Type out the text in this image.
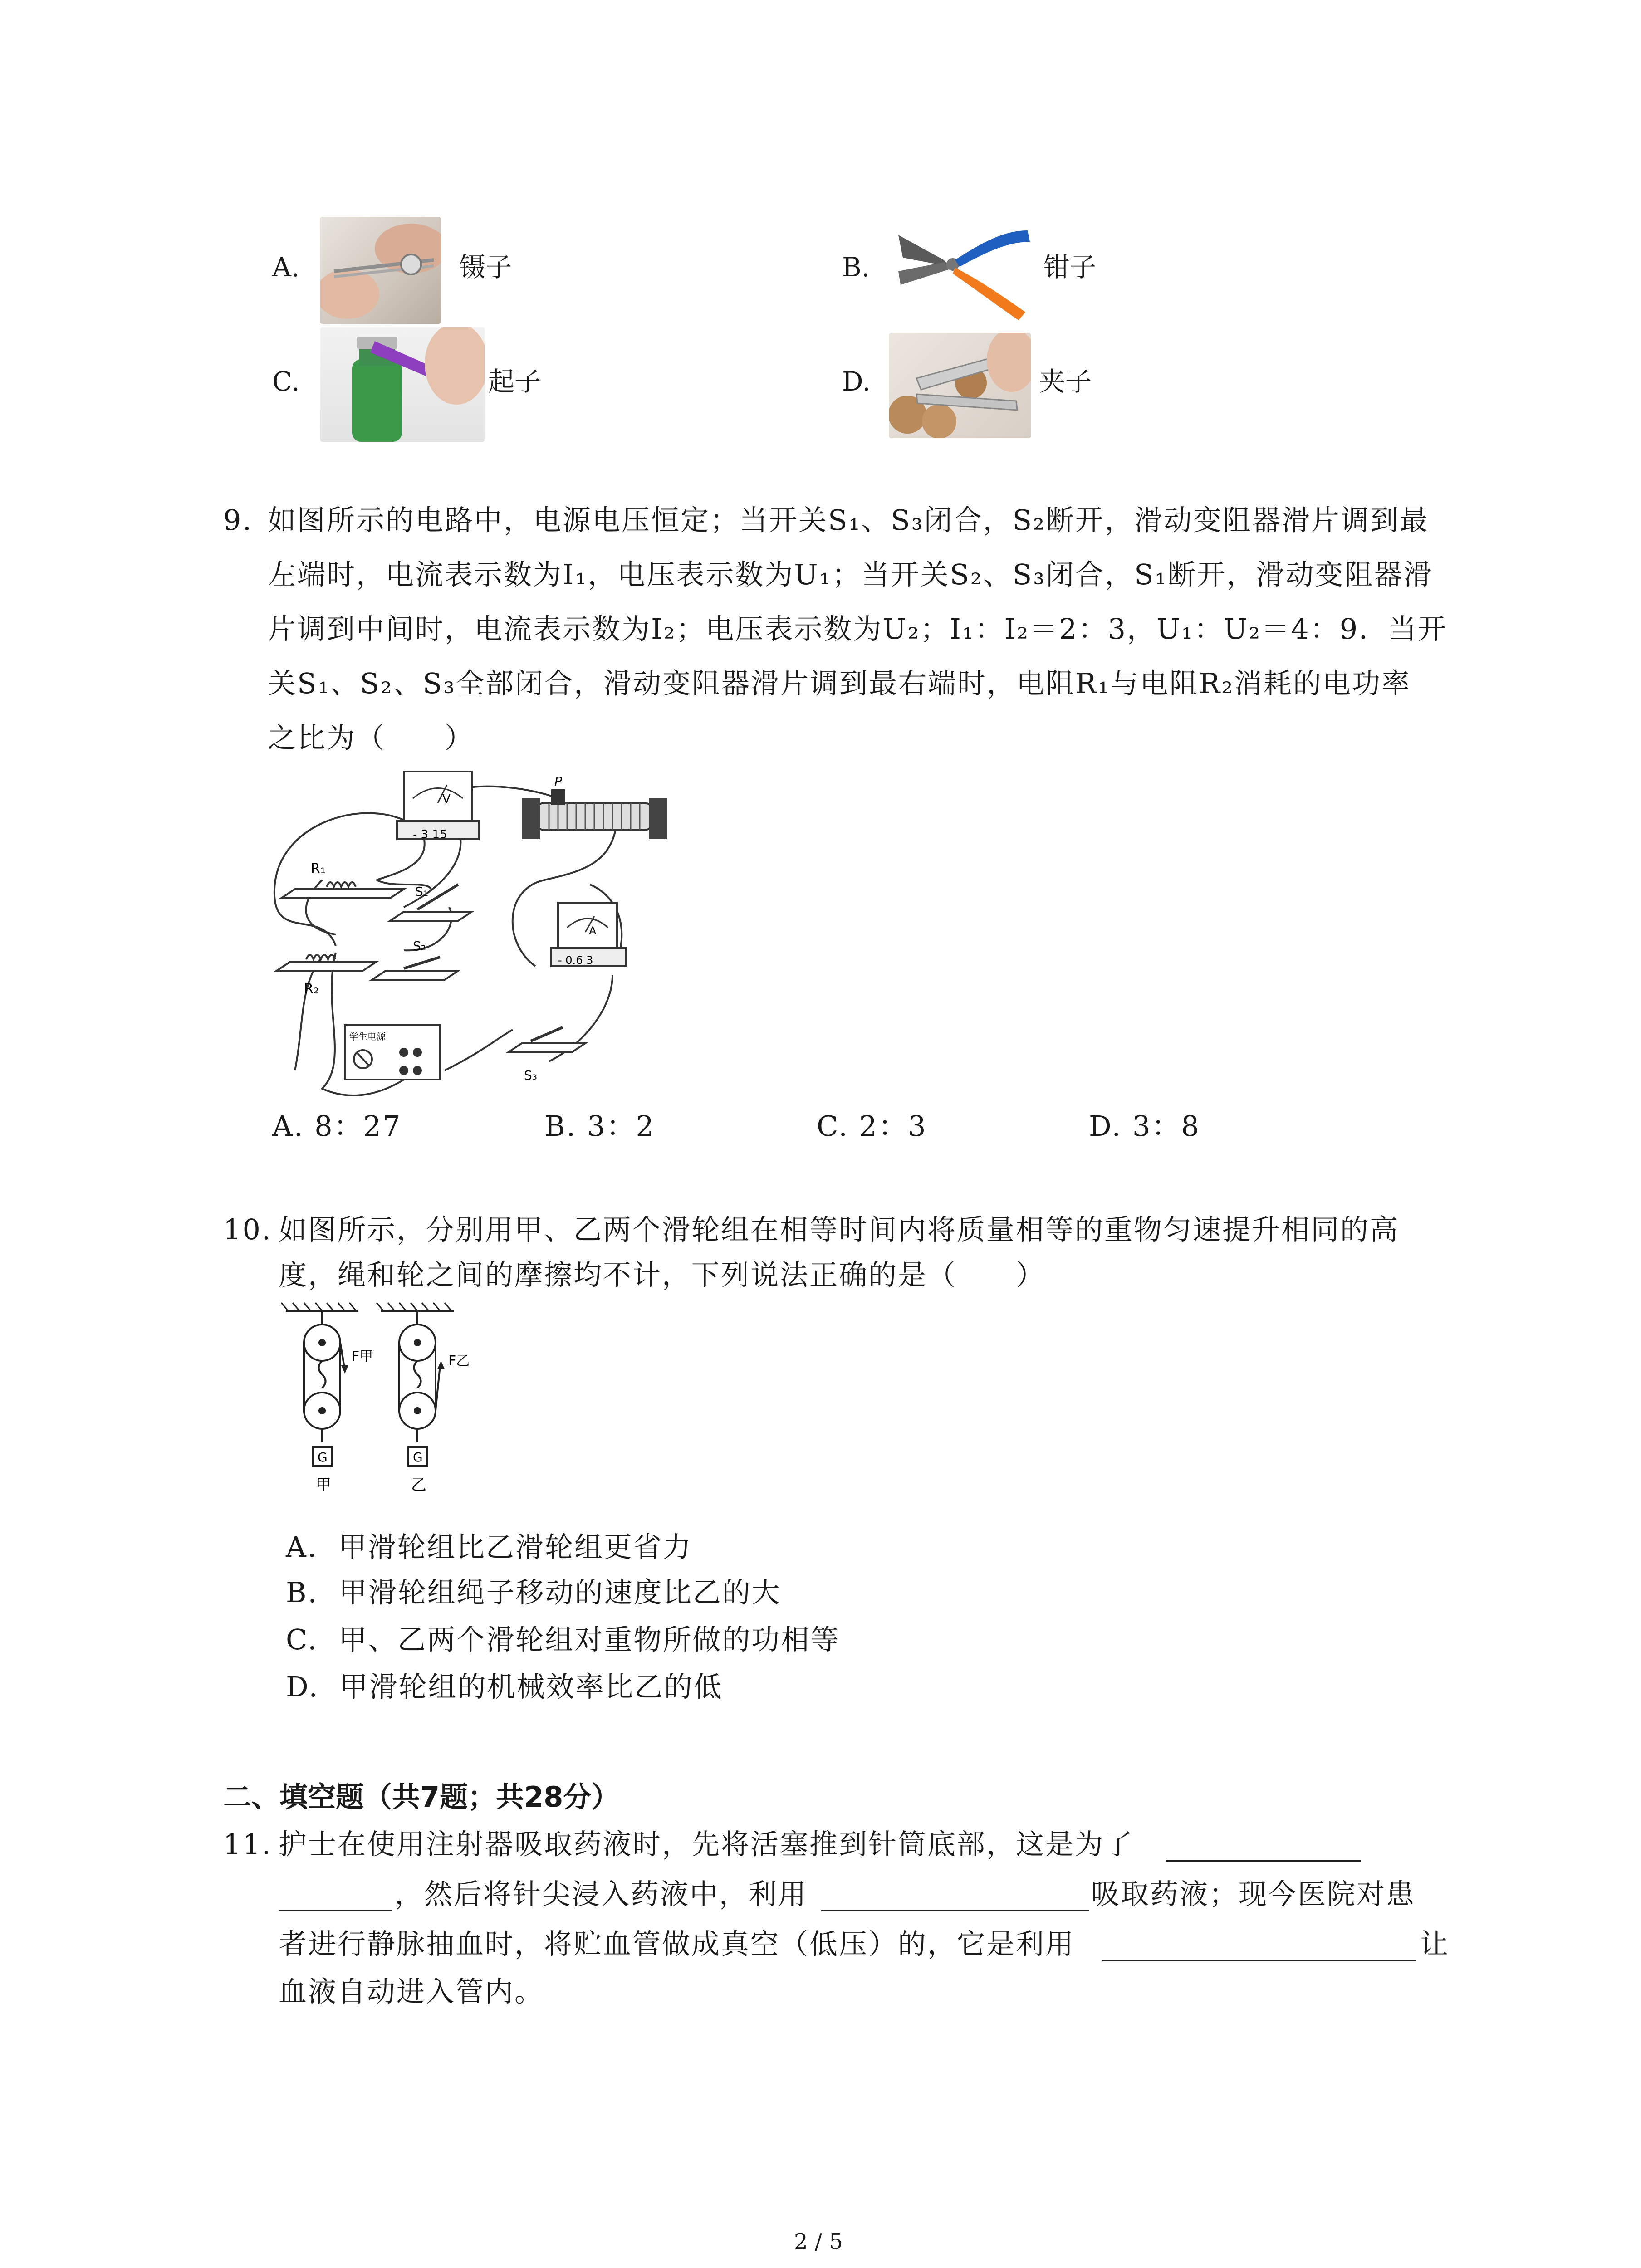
A.	镊子	B.	钳子
C.	起子	D.	夹子
9. 如图所示的电路中，电源电压恒定；当开关S₁、S₃闭合，S₂断开，滑动变阻器滑片调到最
左端时，电流表示数为I₁，电压表示数为U₁；当开关S₂、S₃闭合，S₁断开，滑动变阻器滑
片调到中间时，电流表示数为I₂；电压表示数为U₂；I₁：I₂＝2：3，U₁：U₂＝4：9．当开
关S₁、S₂、S₃全部闭合，滑动变阻器滑片调到最右端时，电阻R₁与电阻R₂消耗的电功率
之比为（　　）
V
- 3 15
P
R₁
R₂
S₁
S₂
A
- 0.6 3
学生电源
S₃
A. 8：27	B. 3：2	C. 2：3	D. 3：8
10. 如图所示，分别用甲、乙两个滑轮组在相等时间内将质量相等的重物匀速提升相同的高
度，绳和轮之间的摩擦均不计，下列说法正确的是（　　）
F甲	F乙
G	G
甲	乙
A. 甲滑轮组比乙滑轮组更省力
B. 甲滑轮组绳子移动的速度比乙的大
C. 甲、乙两个滑轮组对重物所做的功相等
D. 甲滑轮组的机械效率比乙的低
二、填空题（共7题；共28分）
11. 护士在使用注射器吸取药液时，先将活塞推到针筒底部，这是为了
，然后将针尖浸入药液中，利用	吸取药液；现今医院对患
者进行静脉抽血时，将贮血管做成真空（低压）的，它是利用	让
血液自动进入管内。
2 / 5
